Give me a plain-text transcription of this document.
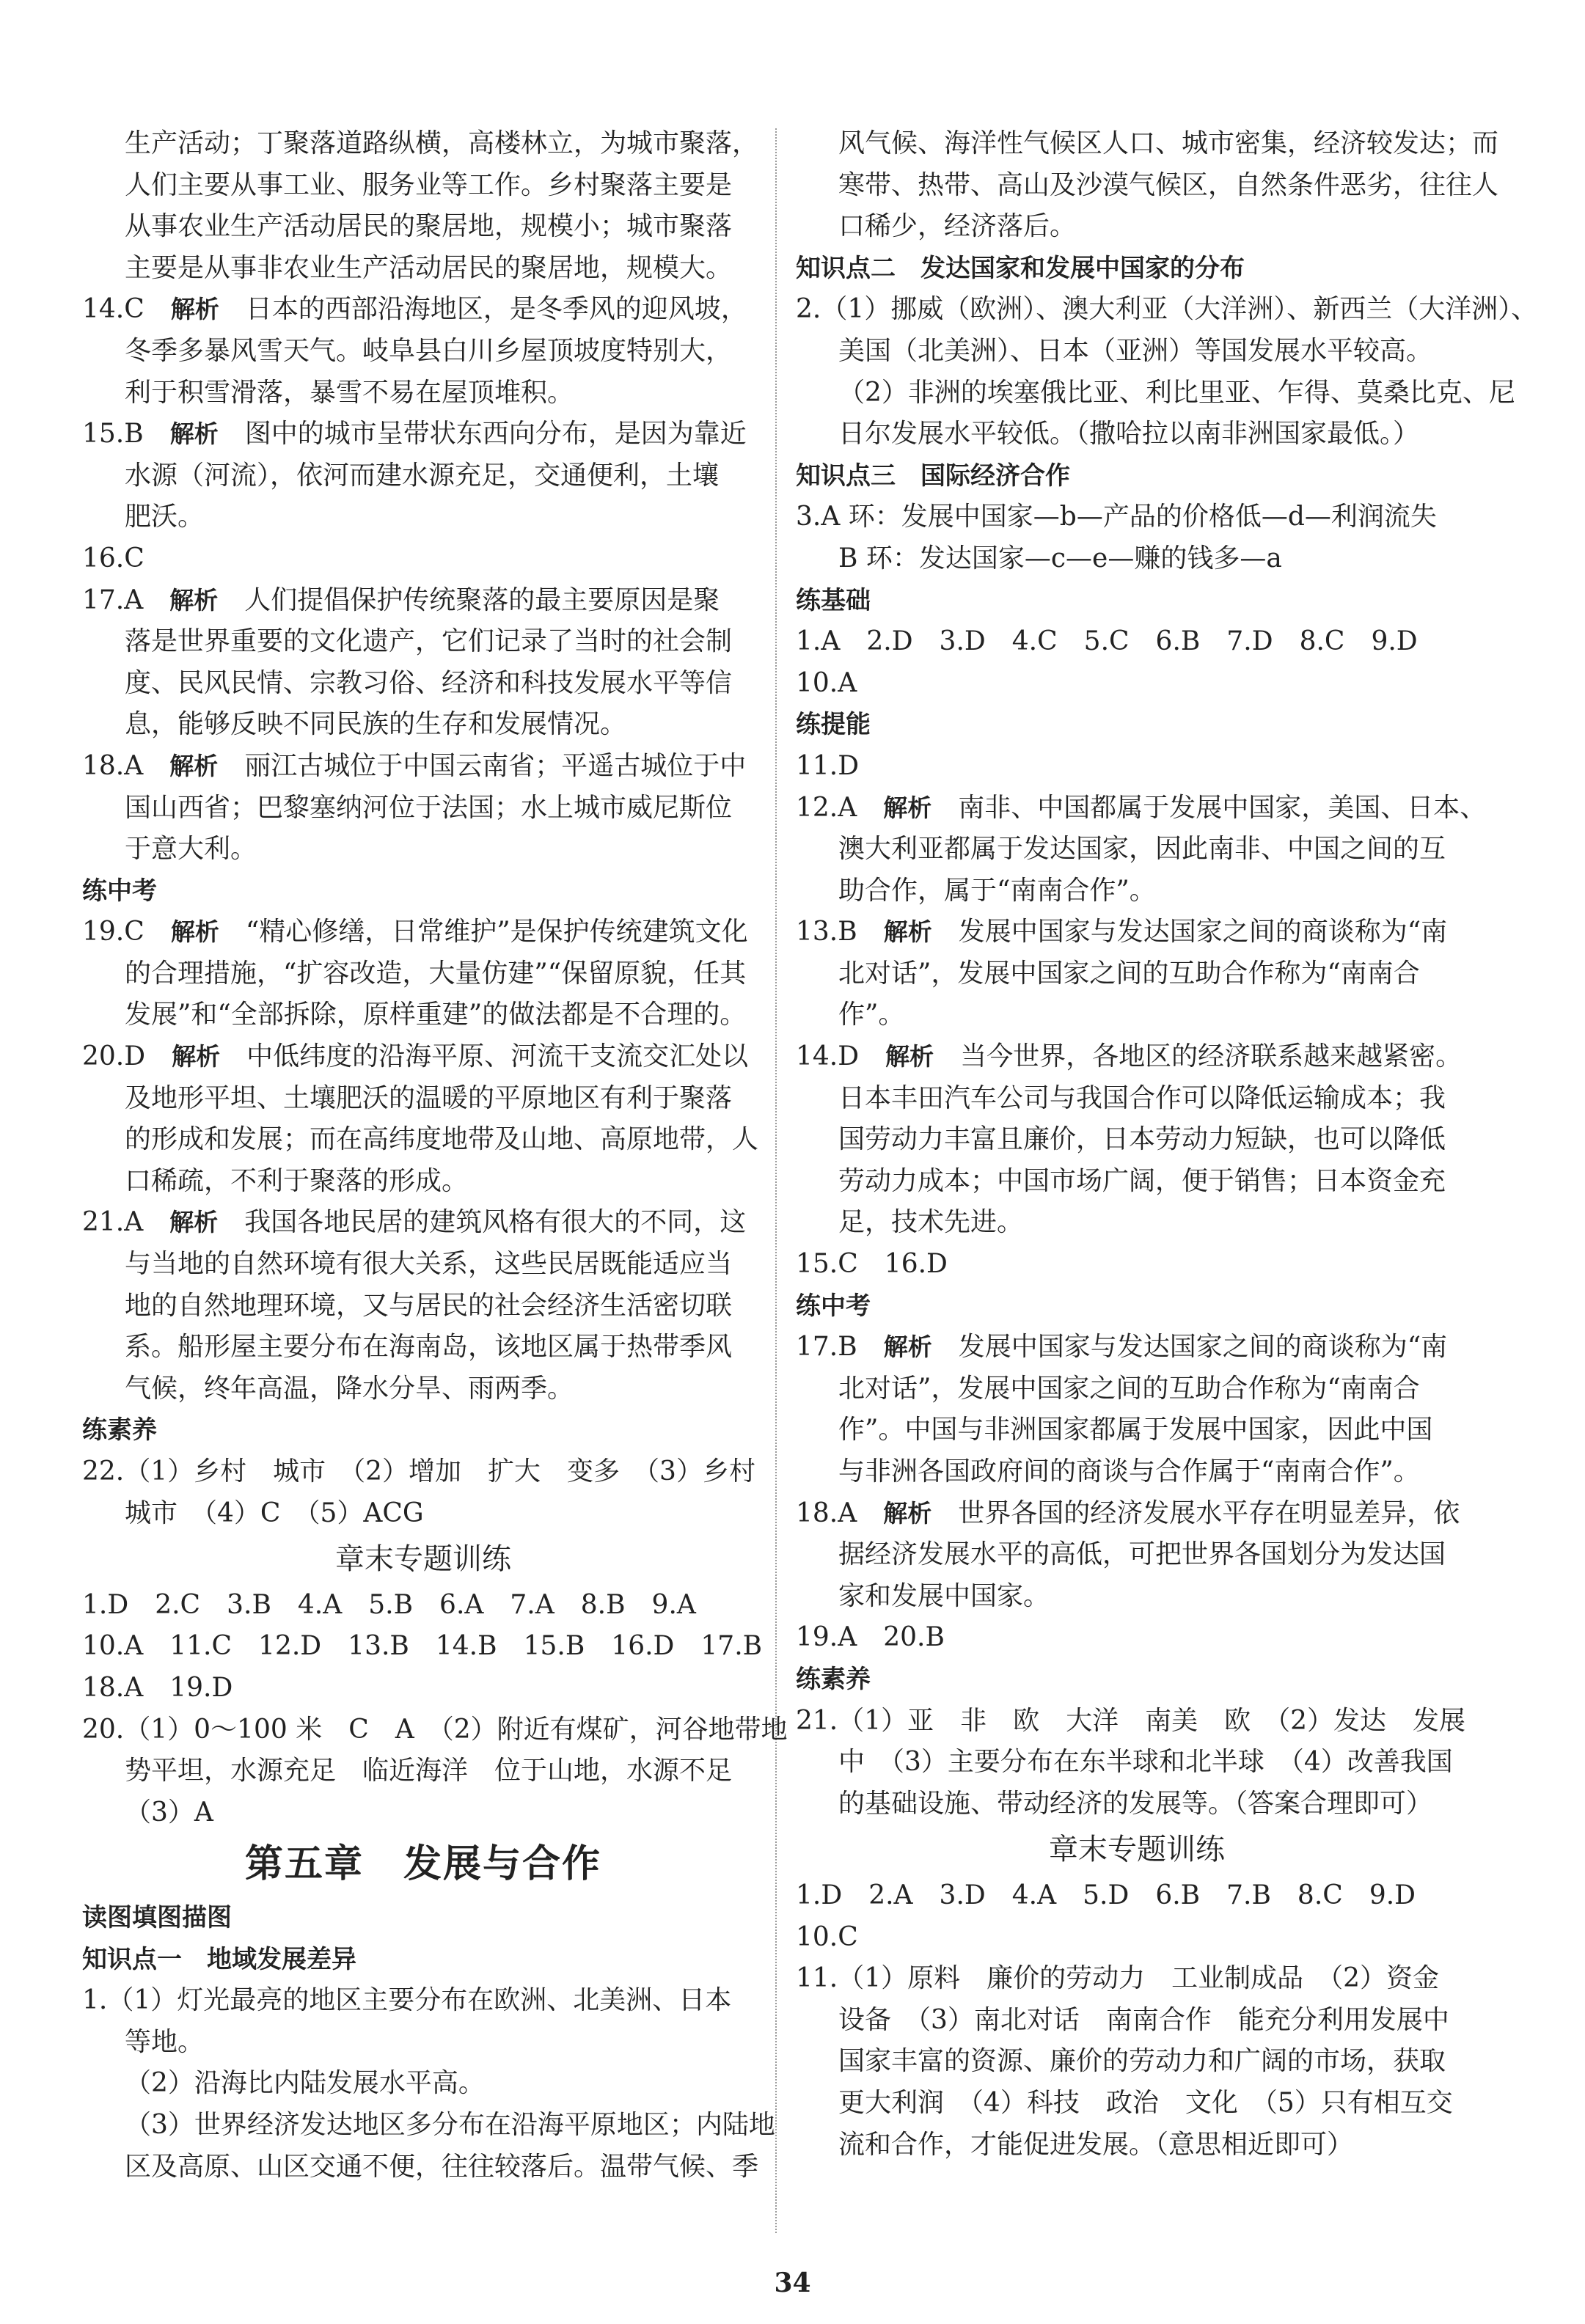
生产活动；丁聚落道路纵横，高楼林立，为城市聚落，
人们主要从事工业、服务业等工作。乡村聚落主要是
从事农业生产活动居民的聚居地，规模小；城市聚落
主要是从事非农业生产活动居民的聚居地，规模大。
14.C　 解析　 日本的西部沿海地区，是冬季风的迎风坡，
冬季多暴风雪天气。岐阜县白川乡屋顶坡度特别大，
利于积雪滑落，暴雪不易在屋顶堆积。
15.B　 解析　 图中的城市呈带状东西向分布，是因为靠近
水源（河流），依河而建水源充足，交通便利，土壤
肥沃。
16.C
17.A　 解析　 人们提倡保护传统聚落的最主要原因是聚
落是世界重要的文化遗产，它们记录了当时的社会制
度、民风民情、宗教习俗、经济和科技发展水平等信
息，能够反映不同民族的生存和发展情况。
18.A　 解析　 丽江古城位于中国云南省；平遥古城位于中
国山西省；巴黎塞纳河位于法国；水上城市威尼斯位
于意大利。
练中考
19.C　 解析　 “精心修缮，日常维护”是保护传统建筑文化
的合理措施，“扩容改造，大量仿建”“保留原貌，任其
发展”和“全部拆除，原样重建”的做法都是不合理的。
20.D　 解析　 中低纬度的沿海平原、河流干支流交汇处以
及地形平坦、土壤肥沃的温暖的平原地区有利于聚落
的形成和发展；而在高纬度地带及山地、高原地带，人
口稀疏，不利于聚落的形成。
21.A　 解析　 我国各地民居的建筑风格有很大的不同，这
与当地的自然环境有很大关系，这些民居既能适应当
地的自然地理环境，又与居民的社会经济生活密切联
系。船形屋主要分布在海南岛，该地区属于热带季风
气候，终年高温，降水分旱、雨两季。
练素养
22.（1）乡村　城市　（2）增加　扩大　变多　（3）乡村
城市　（4）C　（5）ACG
章末专题训练
1.D　2.C　3.B　4.A　5.B　6.A　7.A　8.B　9.A
10.A　11.C　12.D　13.B　14.B　15.B　16.D　17.B
18.A　19.D
20.（1）0～100 米　C　A　（2）附近有煤矿，河谷地带地
势平坦，水源充足　临近海洋　位于山地，水源不足
（3）A
第五章　发展与合作
读图填图描图
知识点一　地域发展差异
1.（1）灯光最亮的地区主要分布在欧洲、北美洲、日本
等地。
（2）沿海比内陆发展水平高。
（3）世界经济发达地区多分布在沿海平原地区；内陆地
区及高原、山区交通不便，往往较落后。温带气候、季
风气候、海洋性气候区人口、城市密集，经济较发达；而
寒带、热带、高山及沙漠气候区，自然条件恶劣，往往人
口稀少，经济落后。
知识点二　发达国家和发展中国家的分布
2.（1）挪威（欧洲）、澳大利亚（大洋洲）、新西兰（大洋洲）、
美国（北美洲）、日本（亚洲）等国发展水平较高。
（2）非洲的埃塞俄比亚、利比里亚、乍得、莫桑比克、尼
日尔发展水平较低。（撒哈拉以南非洲国家最低。）
知识点三　国际经济合作
3.A 环：发展中国家—b—产品的价格低—d—利润流失
B 环：发达国家—c—e—赚的钱多—a
练基础
1.A　2.D　3.D　4.C　5.C　6.B　7.D　8.C　9.D
10.A
练提能
11.D
12.A　 解析　 南非、中国都属于发展中国家，美国、日本、
澳大利亚都属于发达国家，因此南非、中国之间的互
助合作，属于“南南合作”。
13.B　 解析　 发展中国家与发达国家之间的商谈称为“南
北对话”，发展中国家之间的互助合作称为“南南合
作”。
14.D　 解析　 当今世界，各地区的经济联系越来越紧密。
日本丰田汽车公司与我国合作可以降低运输成本；我
国劳动力丰富且廉价，日本劳动力短缺，也可以降低
劳动力成本；中国市场广阔，便于销售；日本资金充
足，技术先进。
15.C　16.D
练中考
17.B　 解析　 发展中国家与发达国家之间的商谈称为“南
北对话”，发展中国家之间的互助合作称为“南南合
作”。中国与非洲国家都属于发展中国家，因此中国
与非洲各国政府间的商谈与合作属于“南南合作”。
18.A　 解析　 世界各国的经济发展水平存在明显差异，依
据经济发展水平的高低，可把世界各国划分为发达国
家和发展中国家。
19.A　20.B
练素养
21.（1）亚　非　欧　大洋　南美　欧　（2）发达　发展
中　（3）主要分布在东半球和北半球　（4）改善我国
的基础设施、带动经济的发展等。（答案合理即可）
章末专题训练
1.D　2.A　3.D　4.A　5.D　6.B　7.B　8.C　9.D
10.C
11.（1）原料　廉价的劳动力　工业制成品　（2）资金
设备　（3）南北对话　南南合作　能充分利用发展中
国家丰富的资源、廉价的劳动力和广阔的市场，获取
更大利润　（4）科技　政治　文化　（5）只有相互交
流和合作，才能促进发展。（意思相近即可）
34
